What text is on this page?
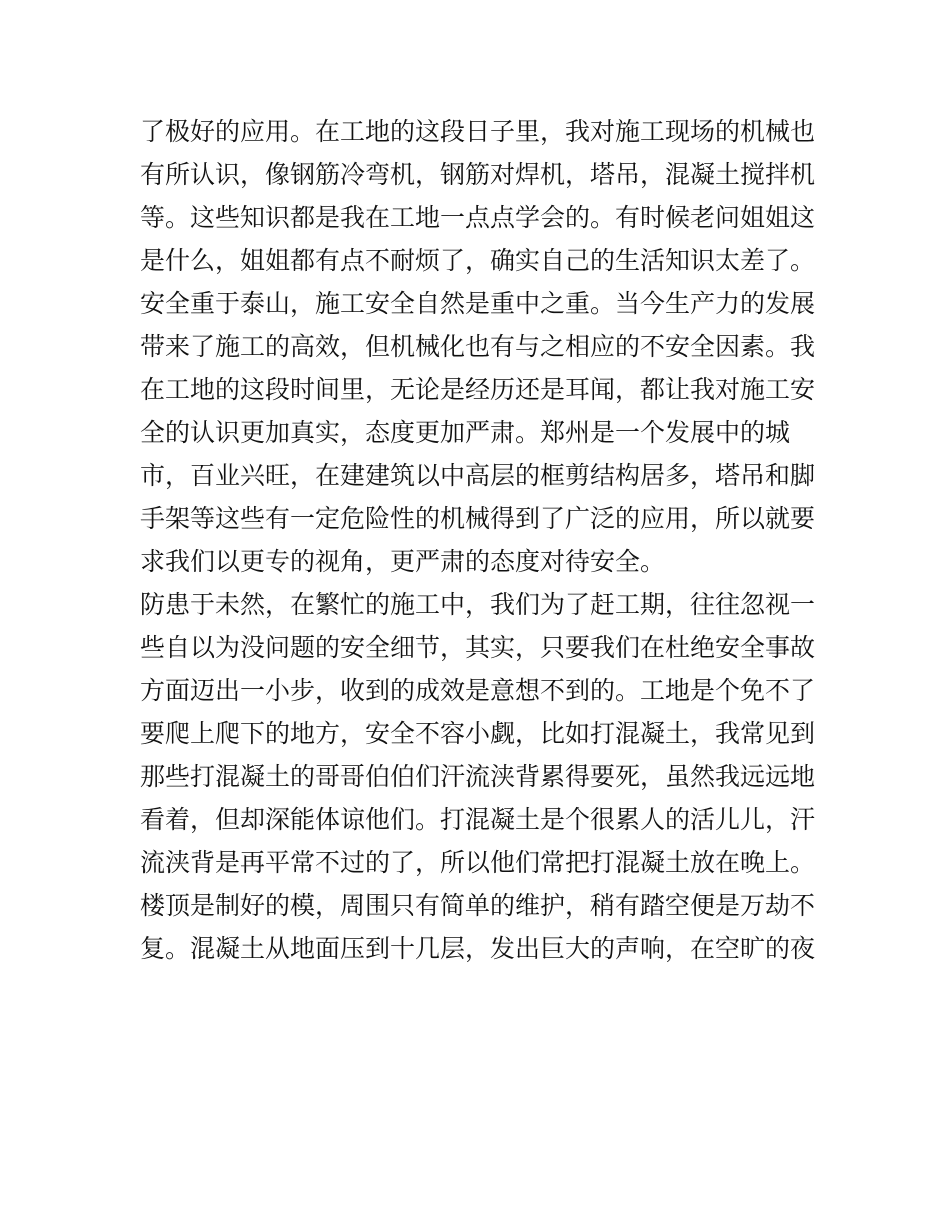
了极好的应用。在工地的这段日子里，我对施工现场的机械也
有所认识，像钢筋冷弯机，钢筋对焊机，塔吊，混凝土搅拌机
等。这些知识都是我在工地一点点学会的。有时候老问姐姐这
是什么，姐姐都有点不耐烦了，确实自己的生活知识太差了。
安全重于泰山，施工安全自然是重中之重。当今生产力的发展
带来了施工的高效，但机械化也有与之相应的不安全因素。我
在工地的这段时间里，无论是经历还是耳闻，都让我对施工安
全的认识更加真实，态度更加严肃。郑州是一个发展中的城
市，百业兴旺，在建建筑以中高层的框剪结构居多，塔吊和脚
手架等这些有一定危险性的机械得到了广泛的应用，所以就要
求我们以更专的视角，更严肃的态度对待安全。
防患于未然，在繁忙的施工中，我们为了赶工期，往往忽视一
些自以为没问题的安全细节，其实，只要我们在杜绝安全事故
方面迈出一小步，收到的成效是意想不到的。工地是个免不了
要爬上爬下的地方，安全不容小觑，比如打混凝土，我常见到
那些打混凝土的哥哥伯伯们汗流浃背累得要死，虽然我远远地
看着，但却深能体谅他们。打混凝土是个很累人的活儿儿，汗
流浃背是再平常不过的了，所以他们常把打混凝土放在晚上。
楼顶是制好的模，周围只有简单的维护，稍有踏空便是万劫不
复。混凝土从地面压到十几层，发出巨大的声响，在空旷的夜
